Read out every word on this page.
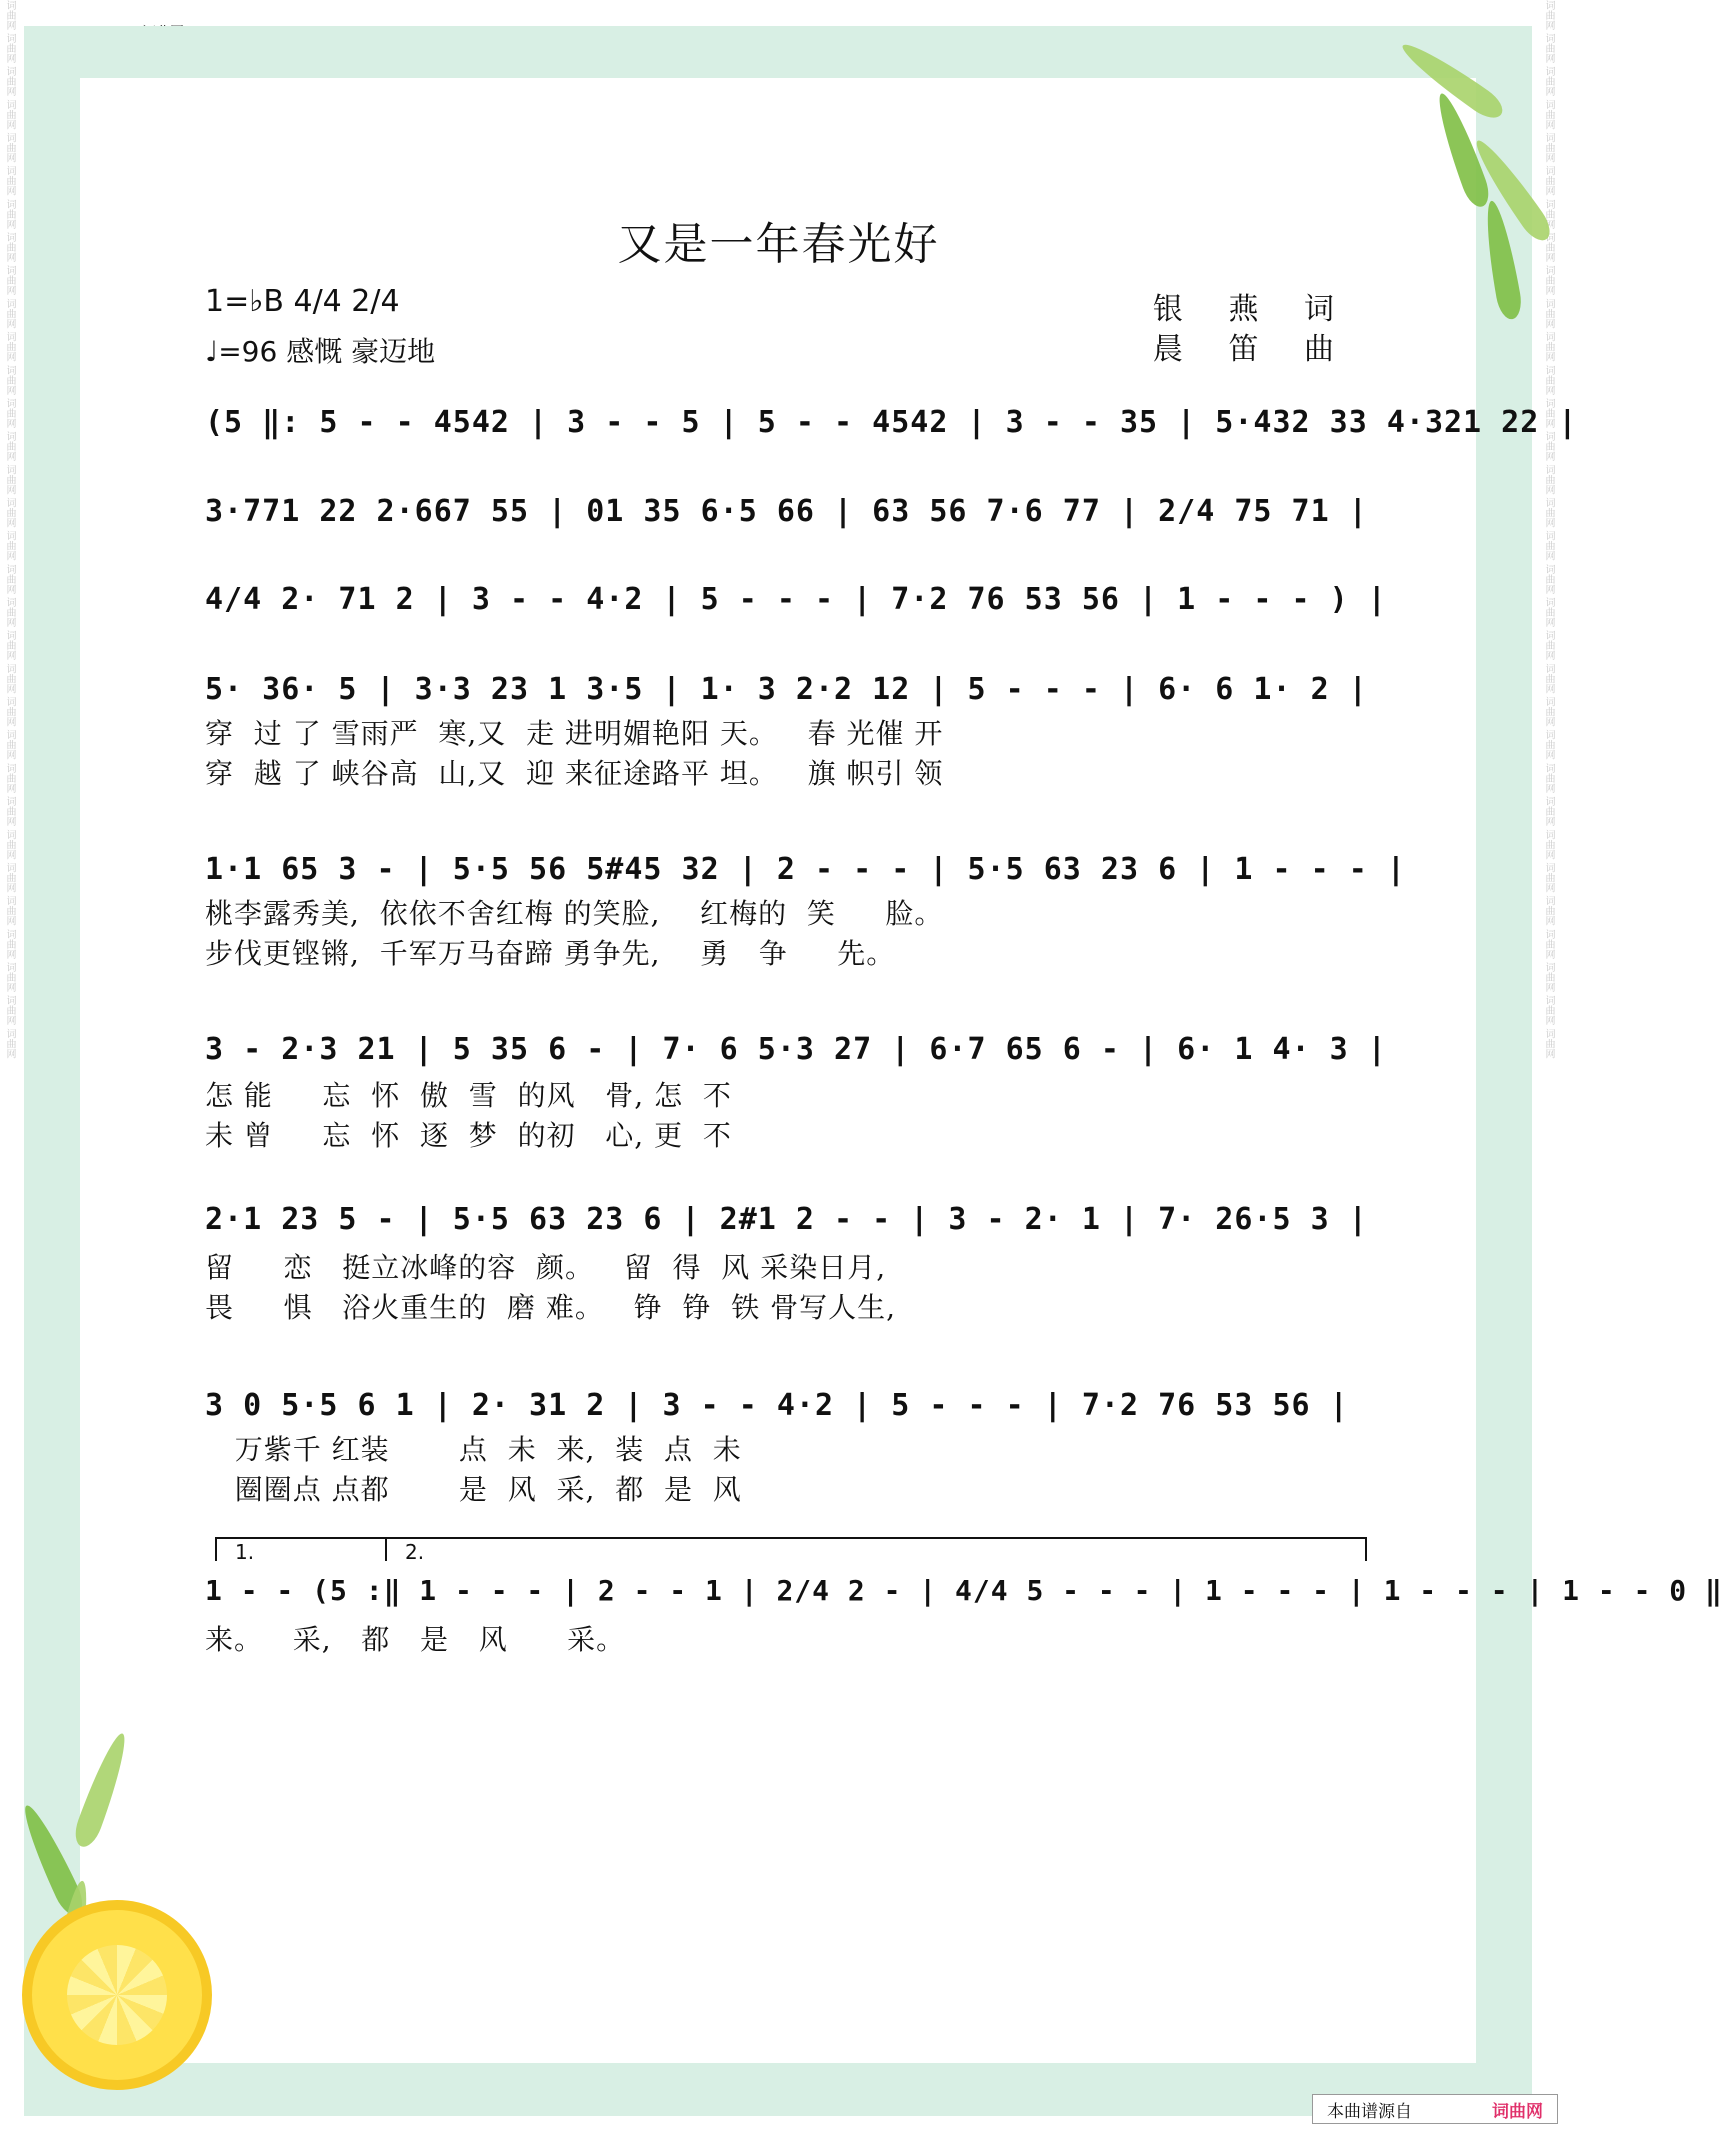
词曲网 词曲网 词曲网 词曲网 词曲网 词曲网 词曲网 词曲网 词曲网 词曲网 词曲网 词曲网 词曲网 词曲网 词曲网 词曲网 词曲网 词曲网 词曲网 词曲网 词曲网 词曲网 词曲网 词曲网 词曲网 词曲网 词曲网 词曲网 词曲网 词曲网 词曲网 词曲网	词曲网 词曲网 词曲网 词曲网 词曲网 词曲网 词曲网 词曲网 词曲网 词曲网 词曲网 词曲网 词曲网 词曲网 词曲网 词曲网 词曲网 词曲网 词曲网 词曲网 词曲网 词曲网 词曲网 词曲网 词曲网 词曲网 词曲网 词曲网 词曲网 词曲网 词曲网 词曲网
又是一年春光好
1=♭B 4/4 2/4
♩=96 感慨 豪迈地
银 燕 词
晨 笛 曲
(5 ‖: 5 - - 4542 | 3 - - 5 | 5 - - 4542 | 3 - - 35 | 5·432 33 4·321 22 |
3·771 22 2·667 55 | 01 35 6·5 66 | 63 56 7·6 77 | 2/4 75 71 |
4/4 2· 71 2 | 3 - - 4·2 | 5 - - - | 7·2 76 53 56 | 1 - - - ) |
5· 36· 5 | 3·3 23 1 3·5 | 1· 3 2·2 12 | 5 - - - | 6· 6 1· 2 |
穿  过 了 雪雨严  寒,又  走 进明媚艳阳 天。   春 光催 开
穿  越 了 峡谷高  山,又  迎 来征途路平 坦。   旗 帜引 领
1·1 65 3 - | 5·5 56 5#45 32 | 2 - - - | 5·5 63 23 6 | 1 - - - |
桃李露秀美,  依依不舍红梅 的笑脸,    红梅的  笑     脸。
步伐更铿锵,  千军万马奋蹄 勇争先,    勇   争     先。
3 - 2·3 21 | 5 35 6 - | 7· 6 5·3 27 | 6·7 65 6 - | 6· 1 4· 3 |
怎 能     忘  怀  傲  雪  的风   骨, 怎  不
未 曾     忘  怀  逐  梦  的初   心, 更  不
2·1 23 5 - | 5·5 63 23 6 | 2#1 2 - - | 3 - 2· 1 | 7· 26·5 3 |
留     恋   挺立冰峰的容  颜。   留  得  风 采染日月,
畏     惧   浴火重生的  磨 难。   铮  铮  铁 骨写人生,
3 0 5·5 6 1 | 2· 31 2 | 3 - - 4·2 | 5 - - - | 7·2 76 53 56 |
万紫千 红装       点  未  来,  装  点  未
圈圈点 点都       是  风  采,  都  是  风
1.	2.
1 - - (5 :‖ 1 - - - | 2 - - 1 | 2/4 2 - | 4/4 5 - - - | 1 - - - | 1 - - - | 1 - - 0 ‖
来。   采,   都   是   风      采。
本曲谱源自	词曲网
